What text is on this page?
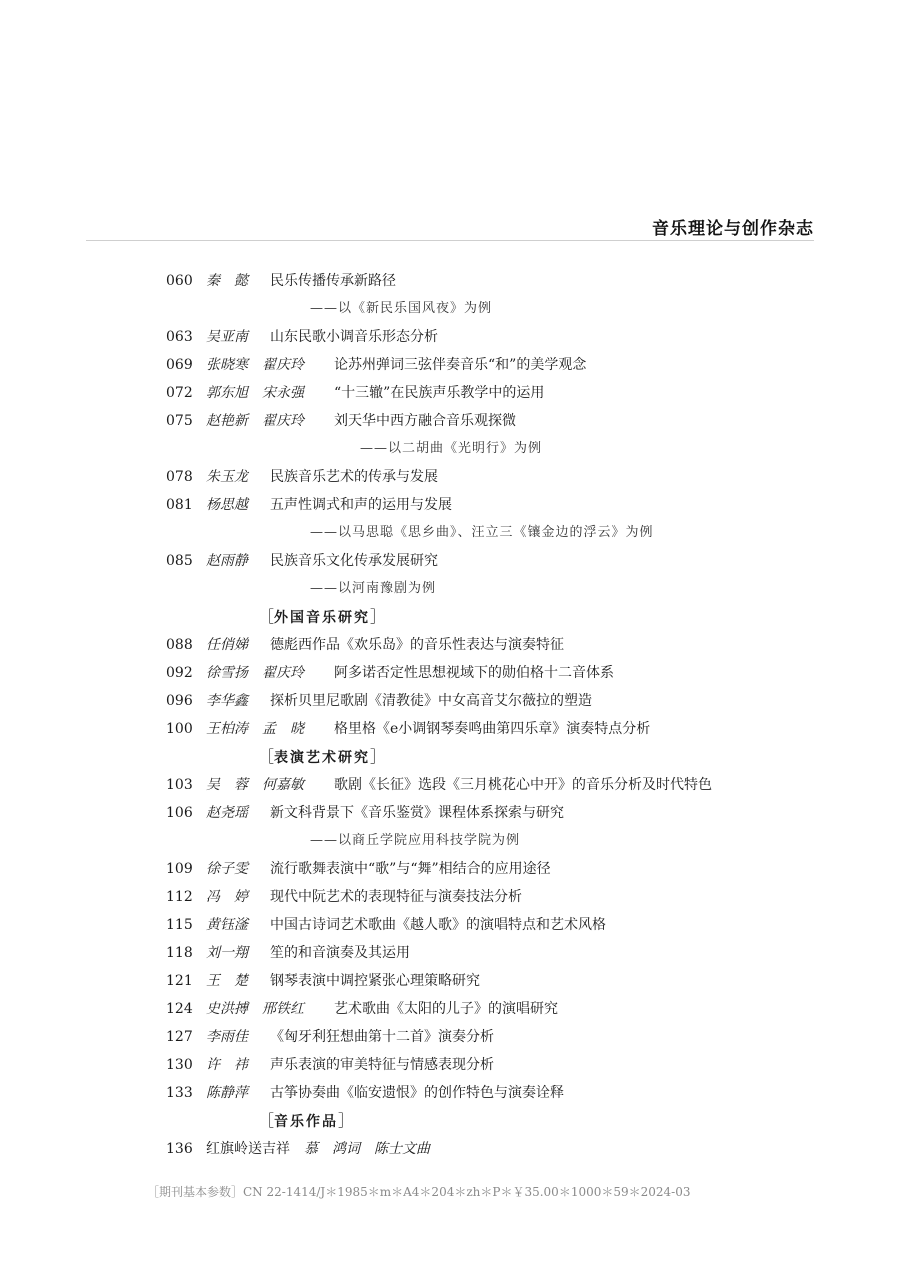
音乐理论与创作杂志
060 秦　懿	民乐传播传承新路径
——以《新民乐国风夜》为例
063 吴亚南	山东民歌小调音乐形态分析
069 张晓寒 翟庆玲	论苏州弹词三弦伴奏音乐“和”的美学观念
072 郭东旭 宋永强	“十三辙”在民族声乐教学中的运用
075 赵艳新 翟庆玲	刘天华中西方融合音乐观探微
——以二胡曲《光明行》为例
078 朱玉龙	民族音乐艺术的传承与发展
081 杨思越	五声性调式和声的运用与发展
——以马思聪《思乡曲》、汪立三《镶金边的浮云》为例
085 赵雨静	民族音乐文化传承发展研究
——以河南豫剧为例
［外国音乐研究］
088 任俏娣	德彪西作品《欢乐岛》的音乐性表达与演奏特征
092 徐雪扬 翟庆玲	阿多诺否定性思想视域下的勋伯格十二音体系
096 李华鑫	探析贝里尼歌剧《清教徒》中女高音艾尔薇拉的塑造
100 王柏涛 孟　晓	格里格《e小调钢琴奏鸣曲第四乐章》演奏特点分析
［表演艺术研究］
103 吴　蓉 何嘉敏	歌剧《长征》选段《三月桃花心中开》的音乐分析及时代特色
106 赵尧瑶	新文科背景下《音乐鉴赏》课程体系探索与研究
——以商丘学院应用科技学院为例
109 徐子雯	流行歌舞表演中“歌”与“舞”相结合的应用途径
112 冯　婷	现代中阮艺术的表现特征与演奏技法分析
115 黄钰滏	中国古诗词艺术歌曲《越人歌》的演唱特点和艺术风格
118 刘一翔	笙的和音演奏及其运用
121 王　楚	钢琴表演中调控紧张心理策略研究
124 史洪搏 邢铁红	艺术歌曲《太阳的儿子》的演唱研究
127 李雨佳	《匈牙利狂想曲第十二首》演奏分析
130 许　祎	声乐表演的审美特征与情感表现分析
133 陈静萍	古筝协奏曲《临安遗恨》的创作特色与演奏诠释
［音乐作品］
136 红旗岭送吉祥 慕　鸿词 陈士文曲
［期刊基本参数］CN 22-1414/J＊1985＊m＊A4＊204＊zh＊P＊￥35.00＊1000＊59＊2024-03
